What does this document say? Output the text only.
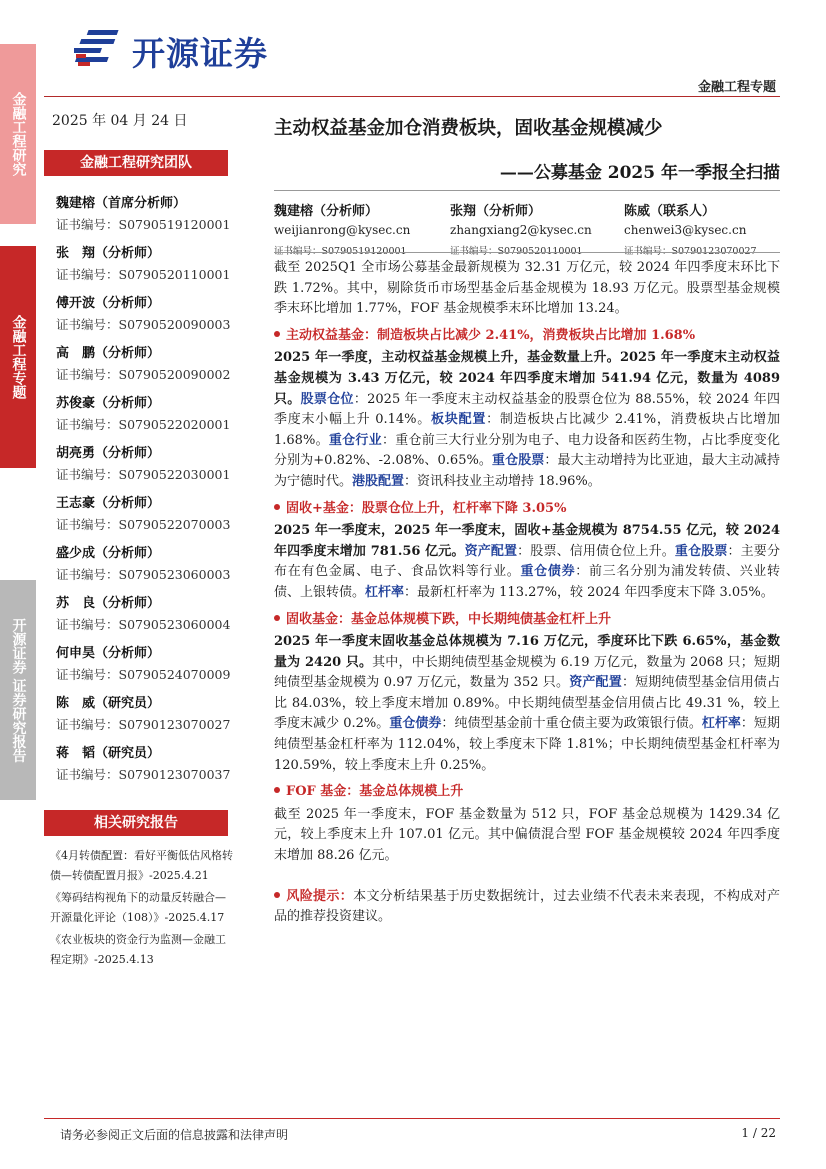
开源证券
金融工程专题
金融工程研究
金融工程专题
开源证券 证券研究报告
2025 年 04 月 24 日
金融工程研究团队
魏建榕（首席分析师）
证书编号：S0790519120001
张　翔（分析师）
证书编号：S0790520110001
傅开波（分析师）
证书编号：S0790520090003
高　鹏（分析师）
证书编号：S0790520090002
苏俊豪（分析师）
证书编号：S0790522020001
胡亮勇（分析师）
证书编号：S0790522030001
王志豪（分析师）
证书编号：S0790522070003
盛少成（分析师）
证书编号：S0790523060003
苏　良（分析师）
证书编号：S0790523060004
何申昊（分析师）
证书编号：S0790524070009
陈　威（研究员）
证书编号：S0790123070027
蒋　韬（研究员）
证书编号：S0790123070037
相关研究报告
《4月转债配置：看好平衡低估风格转债—转债配置月报》-2025.4.21
《筹码结构视角下的动量反转融合—开源量化评论（108）》-2025.4.17
《农业板块的资金行为监测—金融工程定期》-2025.4.13
主动权益基金加仓消费板块，固收基金规模减少
——公募基金 2025 年一季报全扫描
魏建榕（分析师）
weijianrong@kysec.cn
证书编号：S0790519120001
张翔（分析师）
zhangxiang2@kysec.cn
证书编号：S0790520110001
陈威（联系人）
chenwei3@kysec.cn
证书编号：S0790123070027

截至 2025Q1 全市场公募基金最新规模为 32.31 万亿元，较 2024 年四季度末环比下跌 1.72%。其中，剔除货币市场型基金后基金规模为 18.93 万亿元。股票型基金规模季末环比增加 1.77%，FOF 基金规模季末环比增加 13.24。

主动权益基金：制造板块占比减少 2.41%，消费板块占比增加 1.68%

2025 年一季度，主动权益基金规模上升，基金数量上升。2025 年一季度末主动权益基金规模为 3.43 万亿元，较 2024 年四季度末增加 541.94 亿元，数量为 4089 只。股票仓位：2025 年一季度末主动权益基金的股票仓位为 88.55%，较 2024 年四季度末小幅上升 0.14%。板块配置：制造板块占比减少 2.41%，消费板块占比增加 1.68%。重仓行业：重仓前三大行业分别为电子、电力设备和医药生物，占比季度变化分别为+0.82%、-2.08%、0.65%。重仓股票：最大主动增持为比亚迪，最大主动减持为宁德时代。港股配置：资讯科技业主动增持 18.96%。

固收+基金：股票仓位上升，杠杆率下降 3.05%

2025 年一季度末，2025 年一季度末，固收+基金规模为 8754.55 亿元，较 2024 年四季度末增加 781.56 亿元。资产配置：股票、信用债仓位上升。重仓股票：主要分布在有色金属、电子、食品饮料等行业。重仓债券：前三名分别为浦发转债、兴业转债、上银转债。杠杆率：最新杠杆率为 113.27%，较 2024 年四季度末下降 3.05%。

固收基金：基金总体规模下跌，中长期纯债基金杠杆上升

2025 年一季度末固收基金总体规模为 7.16 万亿元，季度环比下跌 6.65%，基金数量为 2420 只。其中，中长期纯债型基金规模为 6.19 万亿元，数量为 2068 只；短期纯债型基金规模为 0.97 万亿元，数量为 352 只。资产配置：短期纯债型基金信用债占比 84.03%，较上季度末增加 0.89%。中长期纯债型基金信用债占比 49.31 %，较上季度末减少 0.2%。重仓债券：纯债型基金前十重仓债主要为政策银行债。杠杆率：短期纯债型基金杠杆率为 112.04%，较上季度末下降 1.81%；中长期纯债型基金杠杆率为 120.59%，较上季度末上升 0.25%。

FOF 基金：基金总体规模上升

截至 2025 年一季度末，FOF 基金数量为 512 只，FOF 基金总规模为 1429.34 亿元，较上季度末上升 107.01 亿元。其中偏债混合型 FOF 基金规模较 2024 年四季度末增加 88.26 亿元。

风险提示：本文分析结果基于历史数据统计，过去业绩不代表未来表现，不构成对产品的推荐投资建议。

请务必参阅正文后面的信息披露和法律声明	1 / 22
